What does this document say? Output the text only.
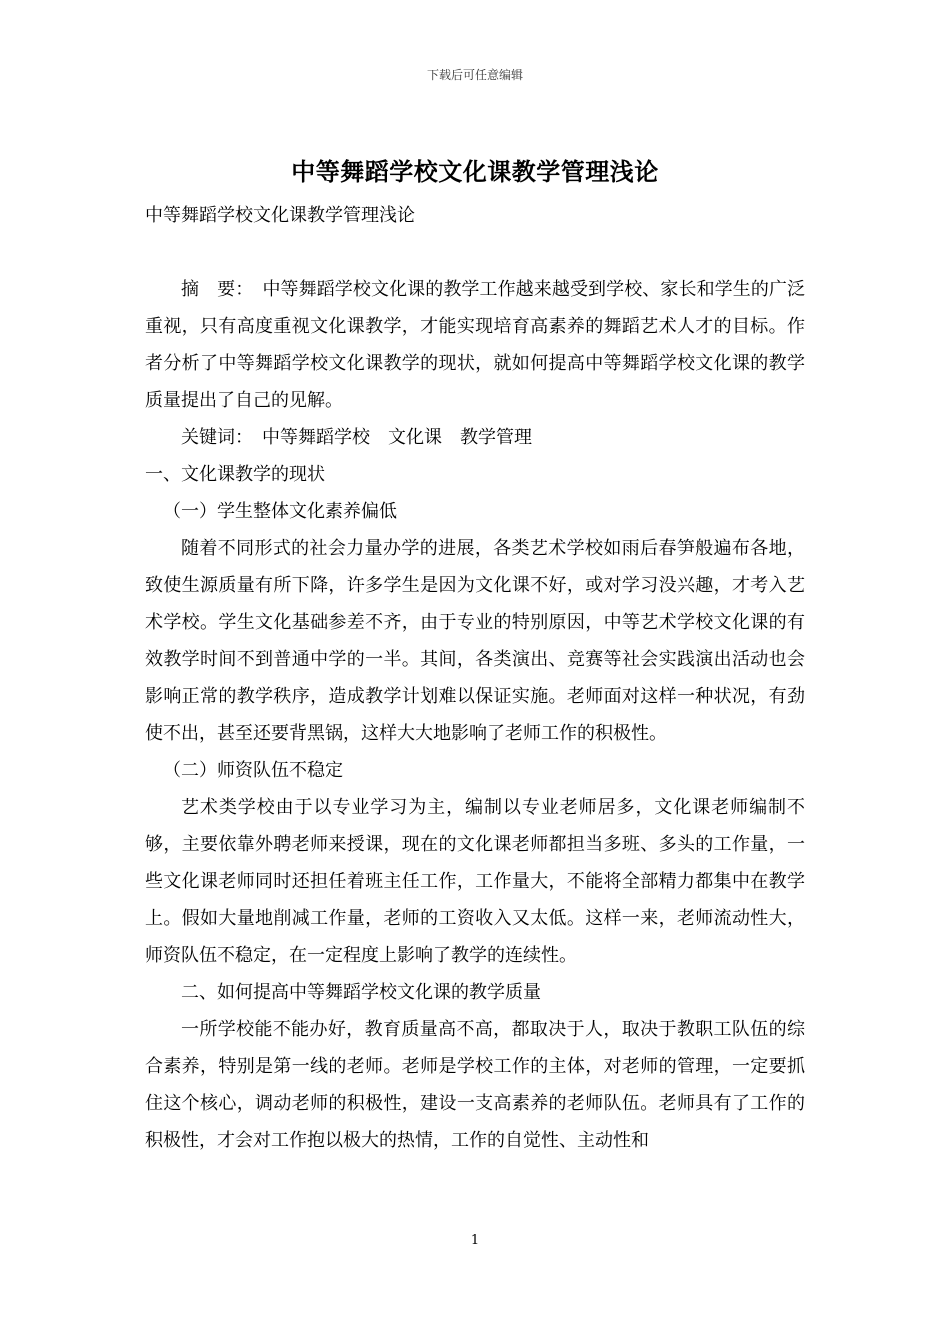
下载后可任意编辑
中等舞蹈学校文化课教学管理浅论

中等舞蹈学校文化课教学管理浅论

摘　要：　 中等舞蹈学校文化课的教学工作越来越受到学校、家长和学生的广泛重视，只有高度重视文化课教学，才能实现培育高素养的舞蹈艺术人才的目标。作者分析了中等舞蹈学校文化课教学的现状，就如何提高中等舞蹈学校文化课的教学质量提出了自己的见解。

关键词：　 中等舞蹈学校　文化课　教学管理

一、文化课教学的现状

（一）学生整体文化素养偏低

随着不同形式的社会力量办学的进展，各类艺术学校如雨后春笋般遍布各地，致使生源质量有所下降，许多学生是因为文化课不好，或对学习没兴趣，才考入艺术学校。学生文化基础参差不齐，由于专业的特别原因，中等艺术学校文化课的有效教学时间不到普通中学的一半。其间，各类演出、竞赛等社会实践演出活动也会影响正常的教学秩序，造成教学计划难以保证实施。老师面对这样一种状况，有劲使不出，甚至还要背黑锅，这样大大地影响了老师工作的积极性。

（二）师资队伍不稳定

艺术类学校由于以专业学习为主，编制以专业老师居多，文化课老师编制不够，主要依靠外聘老师来授课，现在的文化课老师都担当多班、多头的工作量，一些文化课老师同时还担任着班主任工作，工作量大，不能将全部精力都集中在教学上。假如大量地削减工作量，老师的工资收入又太低。这样一来，老师流动性大，师资队伍不稳定，在一定程度上影响了教学的连续性。

二、如何提高中等舞蹈学校文化课的教学质量

一所学校能不能办好，教育质量高不高，都取决于人，取决于教职工队伍的综合素养，特别是第一线的老师。老师是学校工作的主体，对老师的管理，一定要抓住这个核心，调动老师的积极性，建设一支高素养的老师队伍。老师具有了工作的积极性，才会对工作抱以极大的热情，工作的自觉性、主动性和

1
